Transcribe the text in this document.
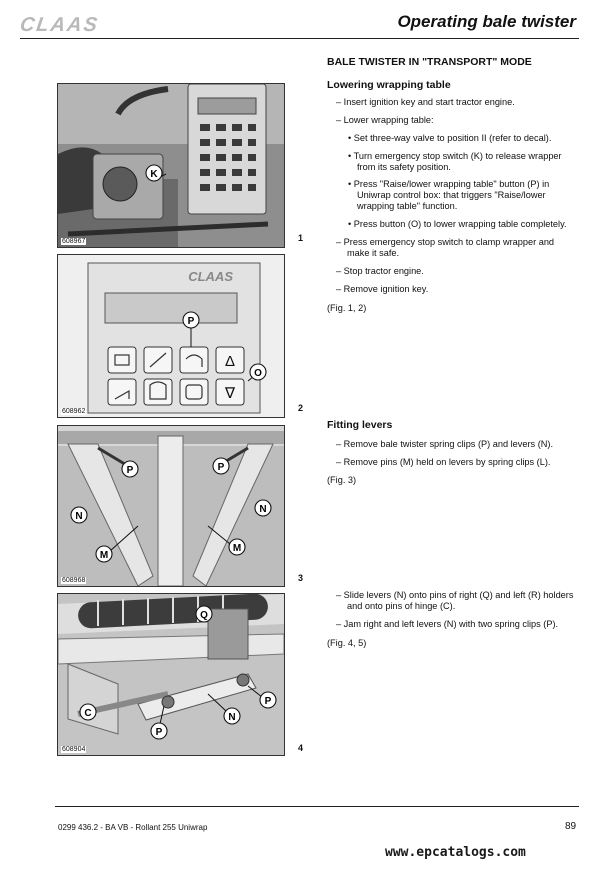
CLAAS	Operating bale twister
K
608967	1
CLAAS
Δ
∇
P
O
608962	2
P	P
N
N
M
M
608968	3
Q
C
P
P
N
608904	4
BALE TWISTER IN "TRANSPORT" MODE
Lowering wrapping table

– Insert ignition key and start tractor engine.

– Lower wrapping table:

• Set three-way valve to position II (refer to decal).

• Turn emergency stop switch (K) to release wrapper from its safety position.

• Press "Raise/lower wrapping table" button (P) in Uniwrap control box: that triggers "Raise/lower wrapping table" function.

• Press button (O) to lower wrapping table completely.

– Press emergency stop switch to clamp wrapper and make it safe.

– Stop tractor engine.

– Remove ignition key.

(Fig. 1, 2)

Fitting levers

– Remove bale twister spring clips (P) and levers (N).

– Remove pins (M) held on levers by spring clips (L).

(Fig. 3)

– Slide levers (N) onto pins of right (Q) and left (R) holders and onto pins of hinge (C).

– Jam right and left levers (N) with two spring clips (P).

(Fig. 4, 5)

0299 436.2 - BA VB - Rollant 255 Uniwrap	89
www.epcatalogs.com
